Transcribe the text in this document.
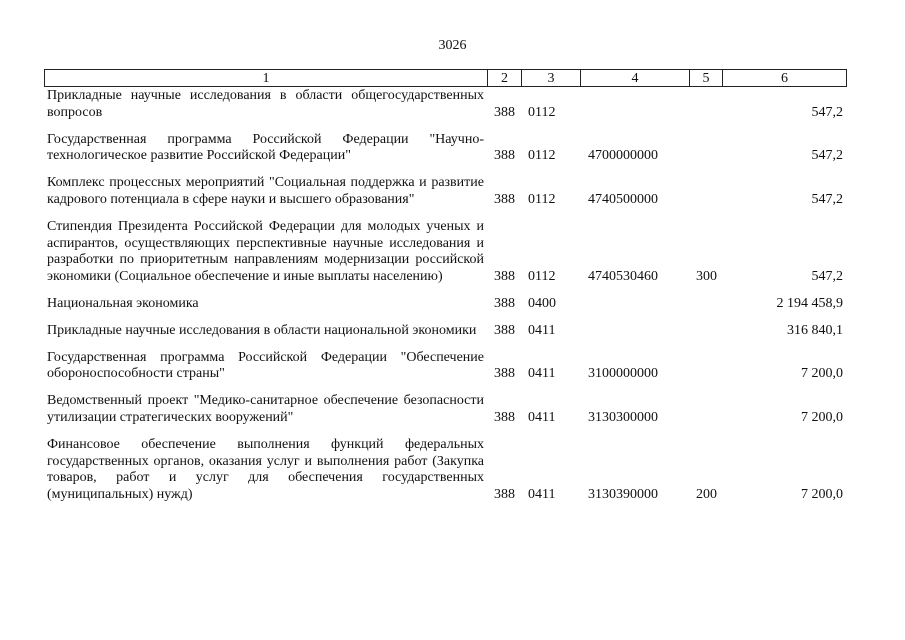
3026
1	2	3	4	5	6
Прикладные научные исследования в области общегосударственных вопросов	388	0112			547,2

Государственная программа Российской Федерации "Научно-технологическое развитие Российской Федерации"	388	0112	4700000000		547,2

Комплекс процессных мероприятий "Социальная поддержка и развитие кадрового потенциала в сфере науки и высшего образования"	388	0112	4740500000		547,2

Стипендия Президента Российской Федерации для молодых ученых и аспирантов, осуществляющих перспективные научные исследования и разработки по приоритетным направлениям модернизации российской экономики (Социальное обеспечение и иные выплаты населению)	388	0112	4740530460	300	547,2

Национальная экономика	388	0400			2 194 458,9

Прикладные научные исследования в области национальной экономики	388	0411			316 840,1

Государственная программа Российской Федерации "Обеспечение обороноспособности страны"	388	0411	3100000000		7 200,0

Ведомственный проект "Медико-санитарное обеспечение безопасности утилизации стратегических вооружений"	388	0411	3130300000		7 200,0

Финансовое обеспечение выполнения функций федеральных государственных органов, оказания услуг и выполнения работ (Закупка товаров, работ и услуг для обеспечения государственных (муниципальных) нужд)	388	0411	3130390000	200	7 200,0
